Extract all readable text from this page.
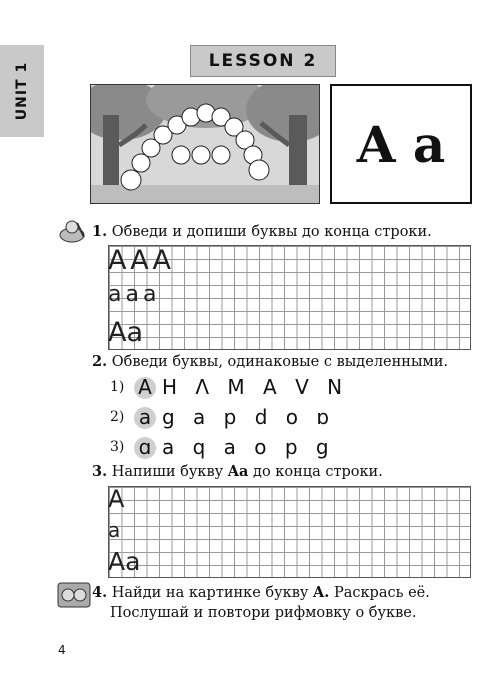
UNIT 1
LESSON 2
A a
1. Обведи и допиши буквы до конца строки.
AAA
aaa
Aa
2. Обведи буквы, одинаковые с выделенными.
1) A H Λ M A V N
2) a g a p d o ɒ
3) ɑ a q a o p g
3. Напиши букву Aa до конца строки.
A
a
Aa
4. Найди на картинке букву A. Раскрась её.
Послушай и повтори рифмовку о букве.
4
